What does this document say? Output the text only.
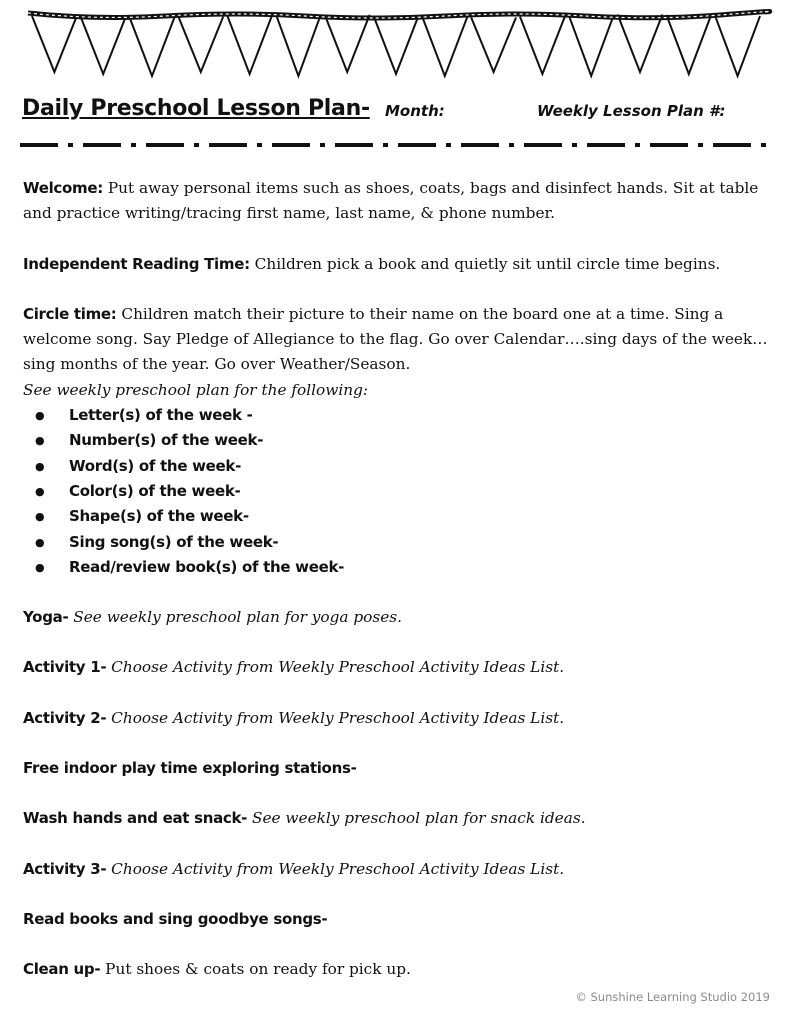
Daily Preschool Lesson Plan- Month:	Weekly Lesson Plan #:

Welcome: Put away personal items such as shoes, coats, bags and disinfect hands. Sit at table and practice writing/tracing first name, last name, & phone number.

Independent Reading Time: Children pick a book and quietly sit until circle time begins.

Circle time: Children match their picture to their name on the board one at a time. Sing a welcome song. Say Pledge of Allegiance to the flag. Go over Calendar….sing days of the week…sing months of the year. Go over Weather/Season.

See weekly preschool plan for the following:

● Letter(s) of the week -
● Number(s) of the week-
● Word(s) of the week-
● Color(s) of the week-
● Shape(s) of the week-
● Sing song(s) of the week-
● Read/review book(s) of the week-

Yoga- See weekly preschool plan for yoga poses.

Activity 1- Choose Activity from Weekly Preschool Activity Ideas List.

Activity 2- Choose Activity from Weekly Preschool Activity Ideas List.

Free indoor play time exploring stations-

Wash hands and eat snack- See weekly preschool plan for snack ideas.

Activity 3- Choose Activity from Weekly Preschool Activity Ideas List.

Read books and sing goodbye songs-

Clean up- Put shoes & coats on ready for pick up.

© Sunshine Learning Studio 2019
